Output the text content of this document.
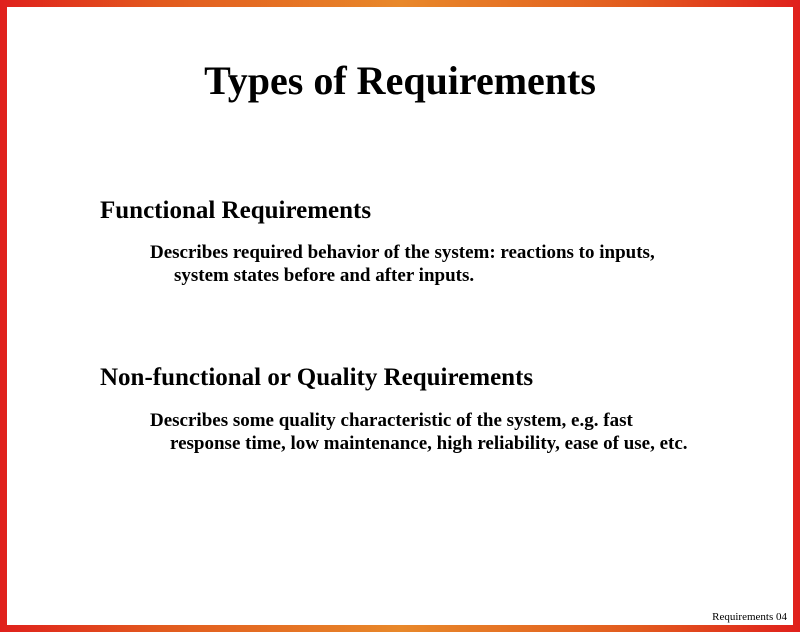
Types of Requirements
Functional Requirements

Describes required behavior of the system: reactions to inputs,
system states before and after inputs.

Non-functional or Quality Requirements

Describes some quality characteristic of the system, e.g. fast
response time, low maintenance, high reliability, ease of use, etc.

Requirements 04
